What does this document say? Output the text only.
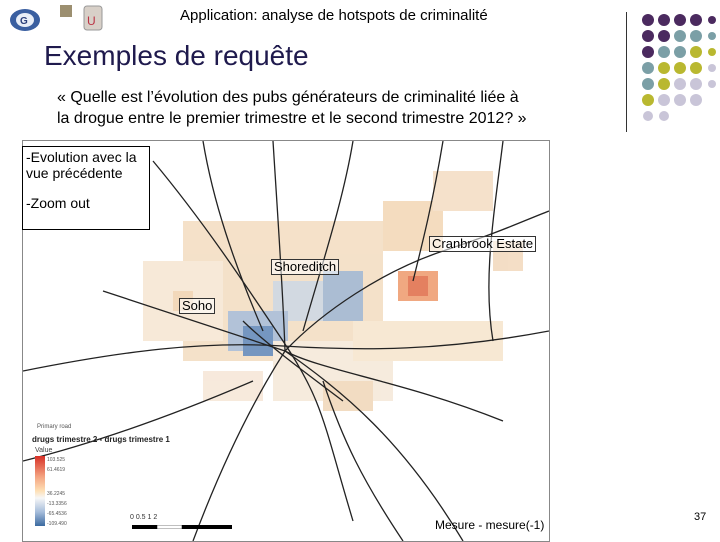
G	U	Application: analyse de hotspots de criminalité
Exemples de requête
« Quelle est l’évolution des pubs générateurs de criminalité liée à
la drogue entre le premier trimestre et le second trimestre 2012? »
Cranbrook Estate
Shoreditch
Soho
-Evolution avec la vue précédente
-Zoom out
Primary road
drugs trimestre 2 - drugs trimestre 1
Value
103.525
61.4619
36.2245
-13.3356
-65.4536
-109.490
0 0.5 1 2
Mesure - mesure(-1)
37
